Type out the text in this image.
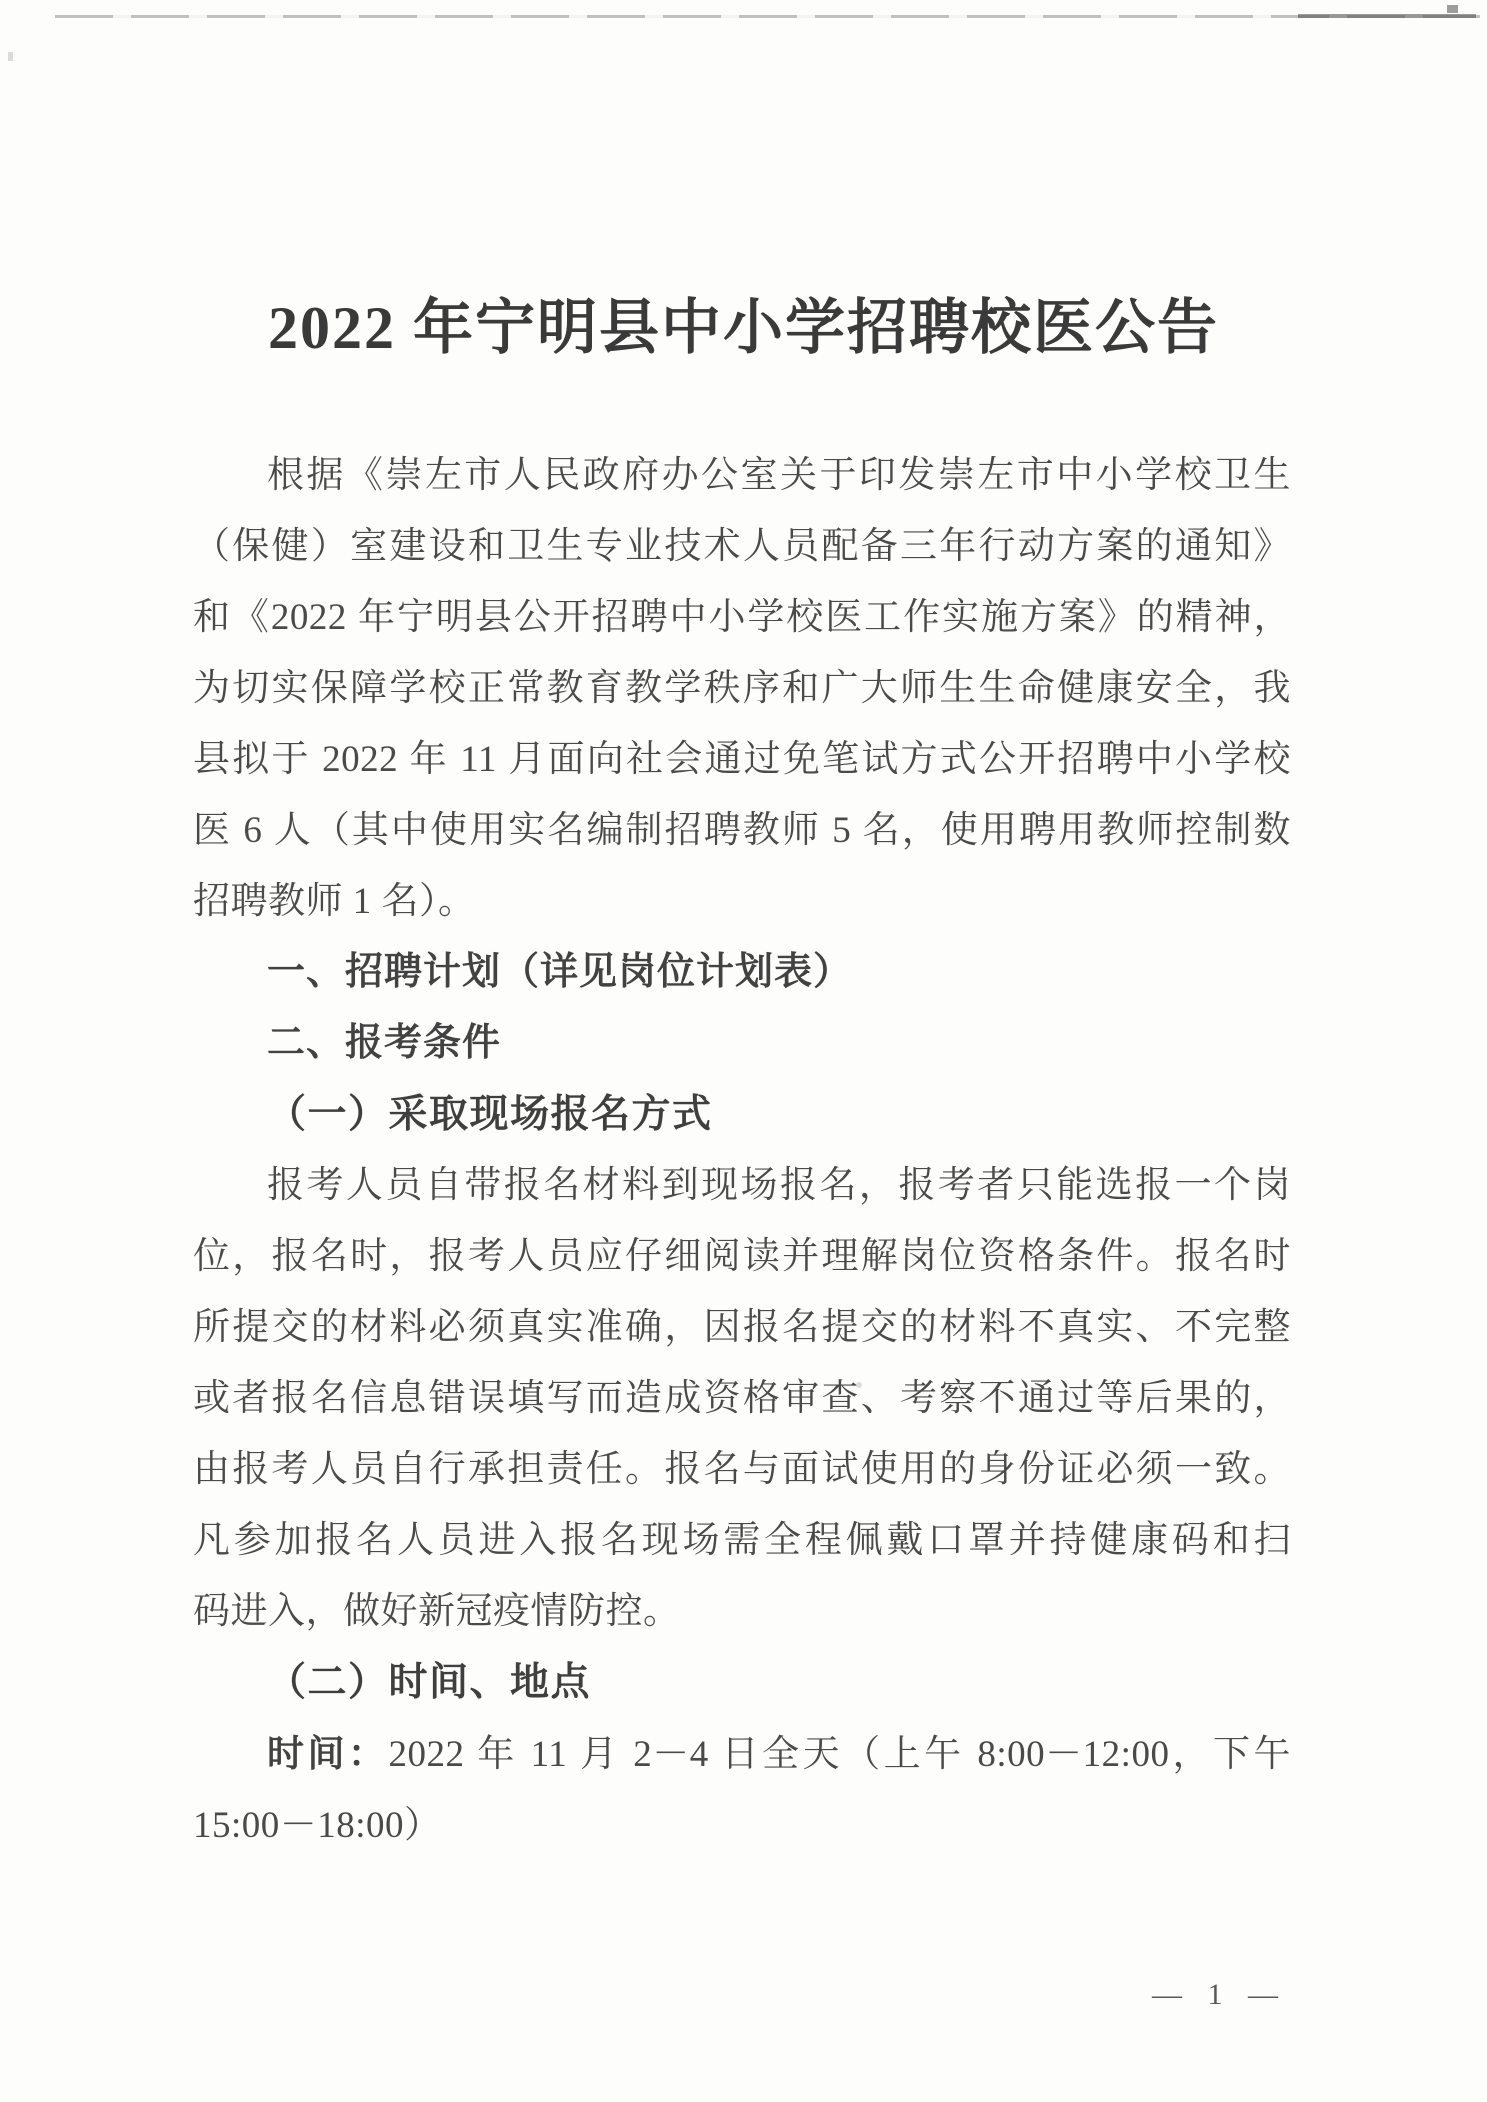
2022 年宁明县中小学招聘校医公告
根据《崇左市人民政府办公室关于印发崇左市中小学校卫生
（保健）室建设和卫生专业技术人员配备三年行动方案的通知》
和《2022 年宁明县公开招聘中小学校医工作实施方案》的精神，
为切实保障学校正常教育教学秩序和广大师生生命健康安全，我
县拟于 2022 年 11 月面向社会通过免笔试方式公开招聘中小学校
医 6 人（其中使用实名编制招聘教师 5 名，使用聘用教师控制数
招聘教师 1 名）。
一、招聘计划（详见岗位计划表）
二、报考条件
（一）采取现场报名方式
报考人员自带报名材料到现场报名，报考者只能选报一个岗
位，报名时，报考人员应仔细阅读并理解岗位资格条件。报名时
所提交的材料必须真实准确，因报名提交的材料不真实、不完整
或者报名信息错误填写而造成资格审查、考察不通过等后果的，
由报考人员自行承担责任。报名与面试使用的身份证必须一致。
凡参加报名人员进入报名现场需全程佩戴口罩并持健康码和扫
码进入，做好新冠疫情防控。
（二）时间、地点
时间：2022 年 11 月 2－4 日全天（上午 8:00－12:00，下午
15:00－18:00）
— 1 —
